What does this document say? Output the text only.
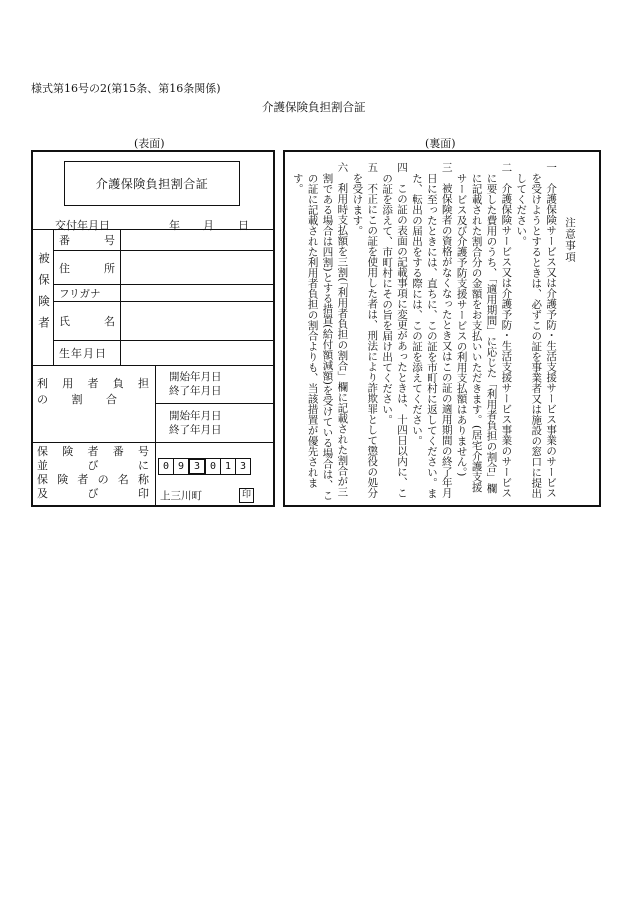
様式第16号の2(第15条、第16条関係)
介護保険負担割合証
(表面)	(裏面)
介護保険負担割合証
交付年月日	年 月 日
被保険者
番	号
住	所
フリガナ
氏	名
生年月日
利 用 者 負 担
の 割 合
開始年月日
終了年月日
開始年月日
終了年月日
保 険 者 番 号
並	び	に
保 険 者 の 名 称
及	び	印
0 9 3 0 1 3
上三川町	印
注意事項
一　介護保険サービス又は介護予防・生活支援サービス事業のサービスを受けようとするときは、必ずこの証を事業者又は施設の窓口に提出してください。
二　介護保険サービス又は介護予防・生活支援サービス事業のサービスに要した費用のうち、「適用期間」に応じた「利用者負担の割合」欄に記載された割合分の金額をお支払いいただきます。(居宅介護支援サービス及び介護予防支援サービスの利用支払額はありません。)
三　被保険者の資格がなくなったとき又はこの証の適用期間の終了年月日に至ったときには、直ちに、この証を市町村に返してください。また、転出の届出をする際には、この証を添えてください。
四　この証の表面の記載事項に変更があったときは、十四日以内に、この証を添えて、市町村にその旨を届け出てください。
五　不正にこの証を使用した者は、刑法により詐欺罪として懲役の処分を受けます。
六　利用時支払額を三割(「利用者負担の割合」欄に記載された割合が三割である場合は四割)とする措置(給付額減額)を受けている場合は、この証に記載された利用者負担の割合よりも、当該措置が優先されます。
